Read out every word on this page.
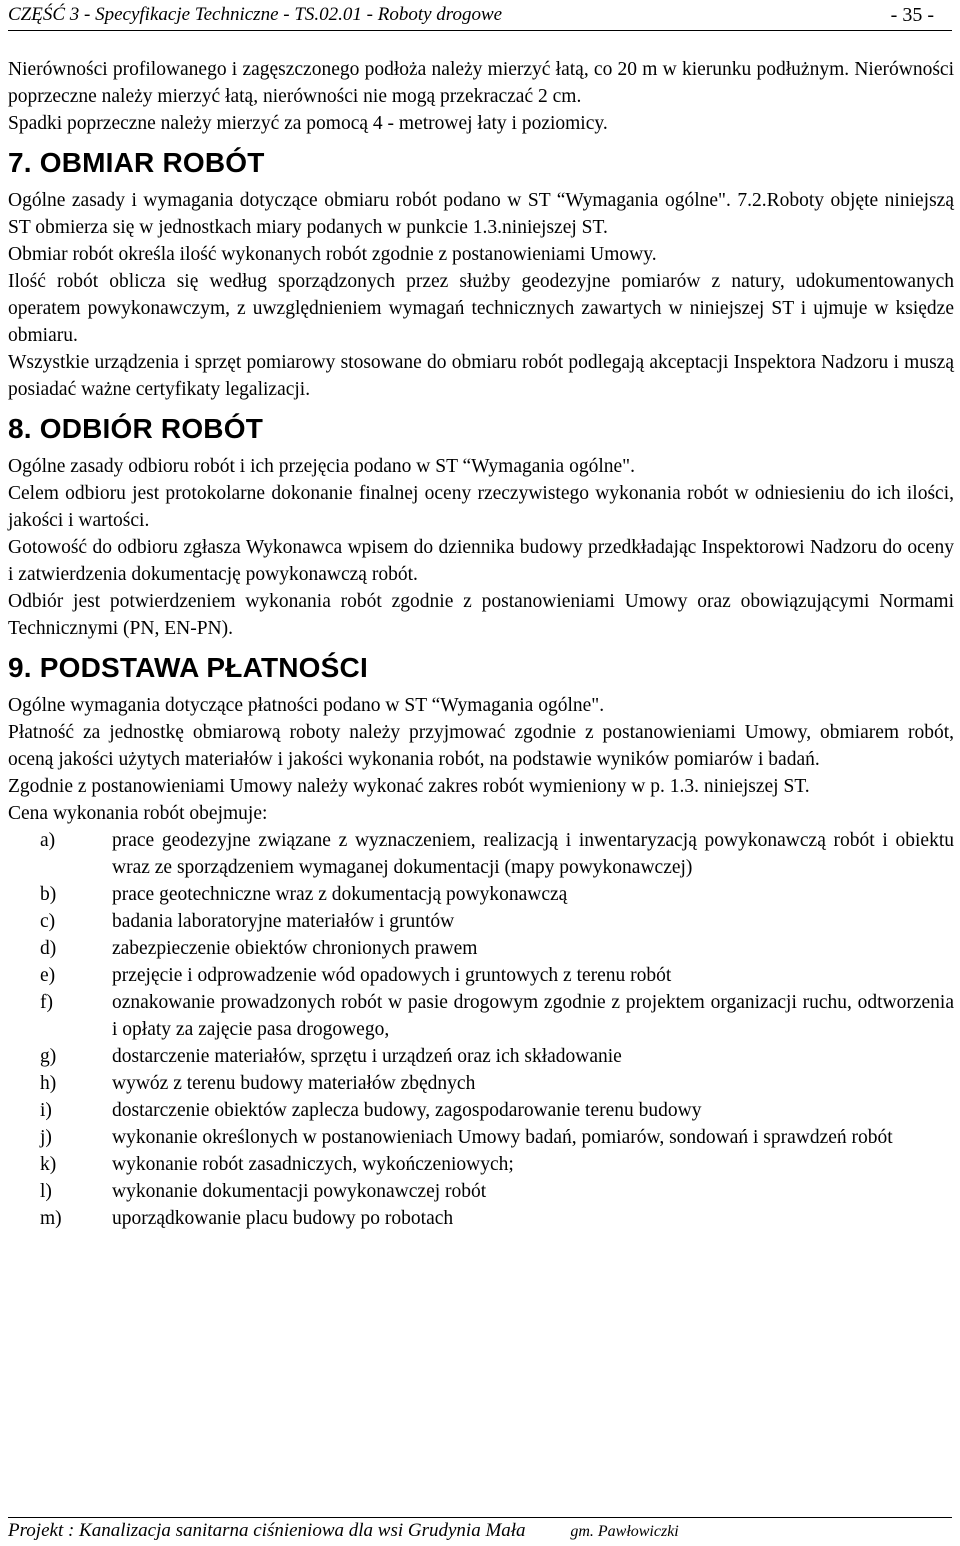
CZĘŚĆ 3 - Specyfikacje Techniczne - TS.02.01 - Roboty drogowe	- 35 -

Nierówności profilowanego i zagęszczonego podłoża należy mierzyć łatą, co 20 m w kierunku podłużnym. Nierówności poprzeczne należy mierzyć łatą, nierówności nie mogą przekraczać 2 cm.

Spadki poprzeczne należy mierzyć za pomocą 4 - metrowej łaty i poziomicy.

7. OBMIAR ROBÓT

Ogólne zasady i wymagania dotyczące obmiaru robót podano w ST “Wymagania ogólne". 7.2.Roboty objęte niniejszą ST obmierza się w jednostkach miary podanych w punkcie 1.3.niniejszej ST.

Obmiar robót określa ilość wykonanych robót zgodnie z postanowieniami Umowy.

Ilość robót oblicza się według sporządzonych przez służby geodezyjne pomiarów z natury, udokumentowanych operatem powykonawczym, z uwzględnieniem wymagań technicznych zawartych w niniejszej ST i ujmuje w księdze obmiaru.

Wszystkie urządzenia i sprzęt pomiarowy stosowane do obmiaru robót podlegają akceptacji Inspektora Nadzoru i muszą posiadać ważne certyfikaty legalizacji.

8. ODBIÓR ROBÓT

Ogólne zasady odbioru robót i ich przejęcia podano w ST “Wymagania ogólne".

Celem odbioru jest protokolarne dokonanie finalnej oceny rzeczywistego wykonania robót w odniesieniu do ich ilości, jakości i wartości.

Gotowość do odbioru zgłasza Wykonawca wpisem do dziennika budowy przedkładając Inspektorowi Nadzoru do oceny i zatwierdzenia dokumentację powykonawczą robót.

Odbiór jest potwierdzeniem wykonania robót zgodnie z postanowieniami Umowy oraz obowiązującymi Normami Technicznymi (PN, EN-PN).

9. PODSTAWA PŁATNOŚCI

Ogólne wymagania dotyczące płatności podano w ST “Wymagania ogólne".

Płatność za jednostkę obmiarową roboty należy przyjmować zgodnie z postanowieniami Umowy, obmiarem robót, oceną jakości użytych materiałów i jakości wykonania robót, na podstawie wyników pomiarów i badań.

Zgodnie z postanowieniami Umowy należy wykonać zakres robót wymieniony w p. 1.3. niniejszej ST.

Cena wykonania robót obejmuje:

a)	prace geodezyjne związane z wyznaczeniem, realizacją i inwentaryzacją powykonawczą robót i obiektu wraz ze sporządzeniem wymaganej dokumentacji (mapy powykonawczej)
b)	prace geotechniczne wraz z dokumentacją powykonawczą
c)	badania laboratoryjne materiałów i gruntów
d)	zabezpieczenie obiektów chronionych prawem
e)	przejęcie i odprowadzenie wód opadowych i gruntowych z terenu robót
f)	oznakowanie prowadzonych robót w pasie drogowym zgodnie z projektem organizacji ruchu, odtworzenia i opłaty za zajęcie pasa drogowego,
g)	dostarczenie materiałów, sprzętu i urządzeń oraz ich składowanie
h)	wywóz z terenu budowy materiałów zbędnych
i)	dostarczenie obiektów zaplecza budowy, zagospodarowanie terenu budowy
j)	wykonanie określonych w postanowieniach Umowy badań, pomiarów, sondowań i sprawdzeń robót
k)	wykonanie robót zasadniczych, wykończeniowych;
l)	wykonanie dokumentacji powykonawczej robót
m)	uporządkowanie placu budowy po robotach
Projekt : Kanalizacja sanitarna ciśnieniowa dla wsi Grudynia Mała	gm. Pawłowiczki
